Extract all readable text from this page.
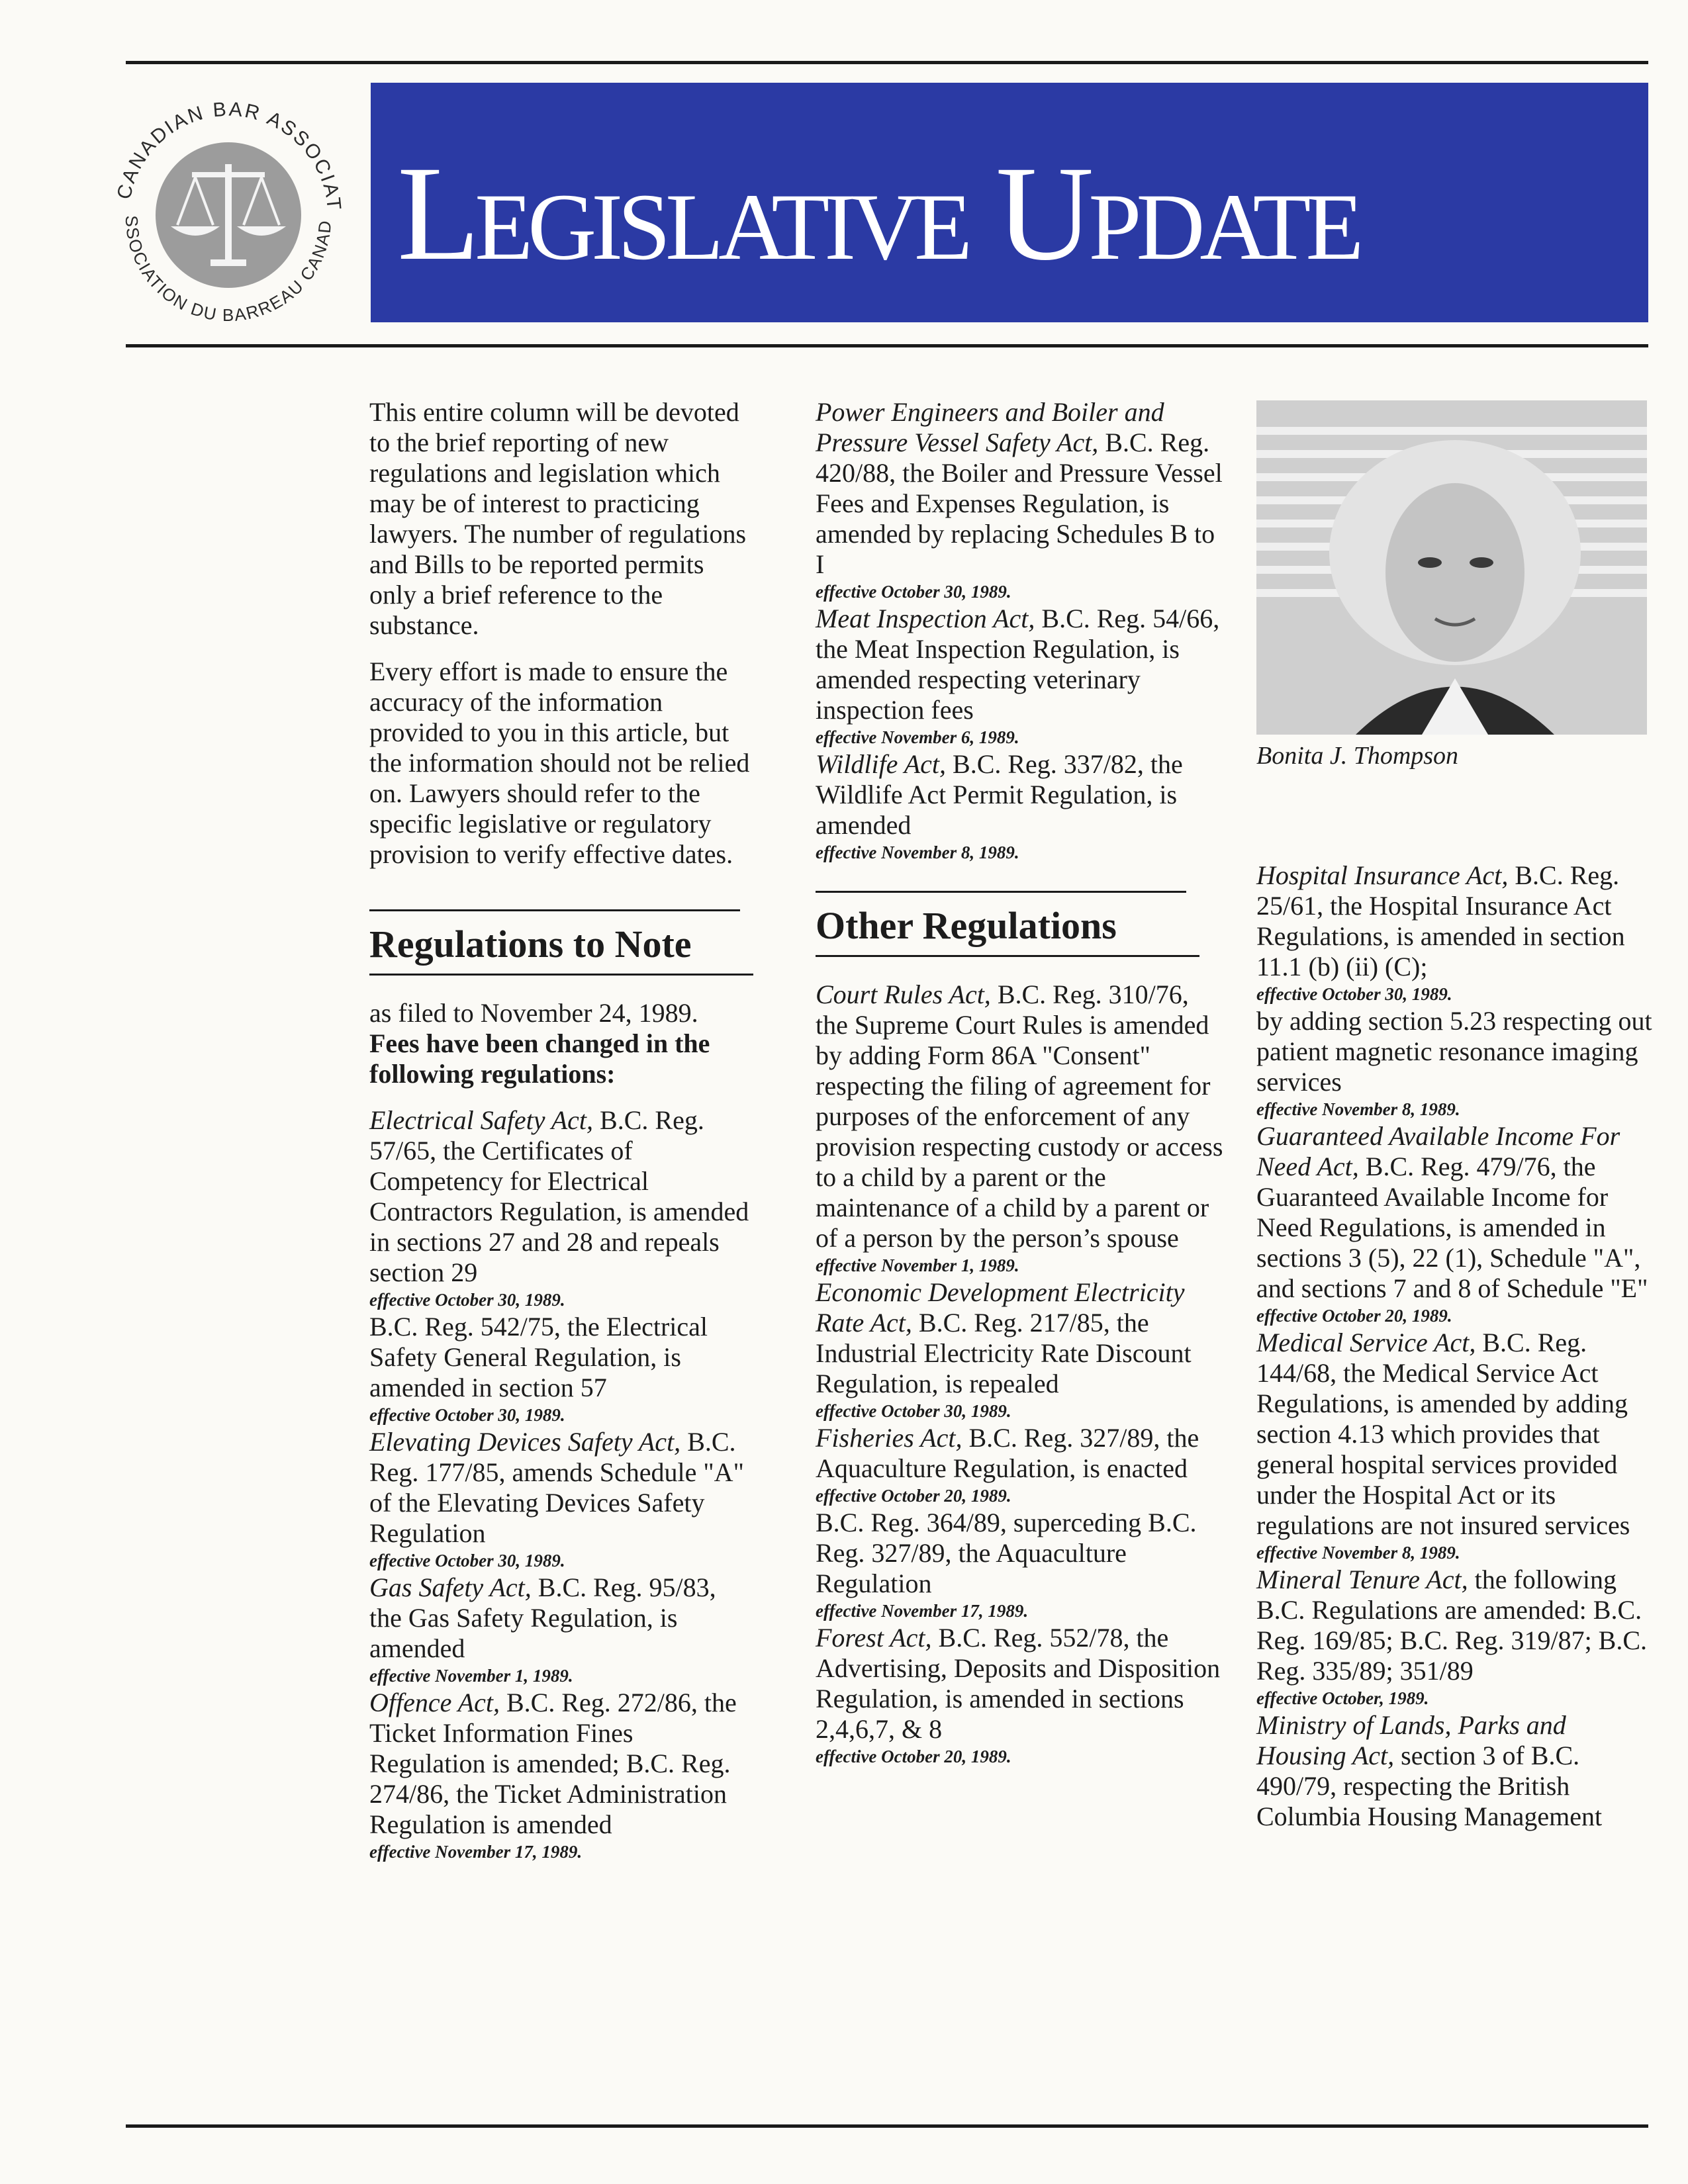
CANADIAN BAR ASSOCIAT
SSOCIATION DU BARREAU CANAD Legislative Update

This entire column will be devoted to the brief reporting of new regulations and legislation which may be of interest to practicing lawyers. The number of regulations and Bills to be reported permits only a brief reference to the substance.

Every effort is made to ensure the accuracy of the information provided to you in this article, but the information should not be relied on. Lawyers should refer to the specific legislative or regulatory provision to verify effective dates.

Regulations to Note
as filed to November 24, 1989.
Fees have been changed in the following regulations:

Electrical Safety Act, B.C. Reg. 57/65, the Certificates of Competency for Electrical Contractors Regulation, is amended in sections 27 and 28 and repeals section 29
effective October 30, 1989.

B.C. Reg. 542/75, the Electrical Safety General Regulation, is amended in section 57
effective October 30, 1989.

Elevating Devices Safety Act, B.C. Reg. 177/85, amends Schedule "A" of the Elevating Devices Safety Regulation
effective October 30, 1989.

Gas Safety Act, B.C. Reg. 95/83, the Gas Safety Regulation, is amended
effective November 1, 1989.

Offence Act, B.C. Reg. 272/86, the Ticket Information Fines Regulation is amended; B.C. Reg. 274/86, the Ticket Administration Regulation is amended
effective November 17, 1989.

Power Engineers and Boiler and Pressure Vessel Safety Act, B.C. Reg. 420/88, the Boiler and Pressure Vessel Fees and Expenses Regulation, is amended by replacing Schedules B to I
effective October 30, 1989.

Meat Inspection Act, B.C. Reg. 54/66, the Meat Inspection Regulation, is amended respecting veterinary inspection fees
effective November 6, 1989.

Wildlife Act, B.C. Reg. 337/82, the Wildlife Act Permit Regulation, is amended
effective November 8, 1989.

Other Regulations

Court Rules Act, B.C. Reg. 310/76, the Supreme Court Rules is amended by adding Form 86A "Consent" respecting the filing of agreement for purposes of the enforcement of any provision respecting custody or access to a child by a parent or the maintenance of a child by a parent or of a person by the person’s spouse
effective November 1, 1989.

Economic Development Electricity Rate Act, B.C. Reg. 217/85, the Industrial Electricity Rate Discount Regulation, is repealed
effective October 30, 1989.

Fisheries Act, B.C. Reg. 327/89, the Aquaculture Regulation, is enacted
effective October 20, 1989.

B.C. Reg. 364/89, superceding B.C. Reg. 327/89, the Aquaculture Regulation
effective November 17, 1989.

Forest Act, B.C. Reg. 552/78, the Advertising, Deposits and Disposition Regulation, is amended in sections 2,4,6,7, & 8
effective October 20, 1989.

Bonita J. Thompson

Hospital Insurance Act, B.C. Reg. 25/61, the Hospital Insurance Act Regulations, is amended in section 11.1 (b) (ii) (C);
effective October 30, 1989.

by adding section 5.23 respecting out patient magnetic resonance imaging services
effective November 8, 1989.

Guaranteed Available Income For Need Act, B.C. Reg. 479/76, the Guaranteed Available Income for Need Regulations, is amended in sections 3 (5), 22 (1), Schedule "A", and sections 7 and 8 of Schedule "E"
effective October 20, 1989.

Medical Service Act, B.C. Reg. 144/68, the Medical Service Act Regulations, is amended by adding section 4.13 which provides that general hospital services provided under the Hospital Act or its regulations are not insured services
effective November 8, 1989.

Mineral Tenure Act, the following B.C. Regulations are amended: B.C. Reg. 169/85; B.C. Reg. 319/87; B.C. Reg. 335/89; 351/89
effective October, 1989.

Ministry of Lands, Parks and Housing Act, section 3 of B.C. 490/79, respecting the British Columbia Housing Management
